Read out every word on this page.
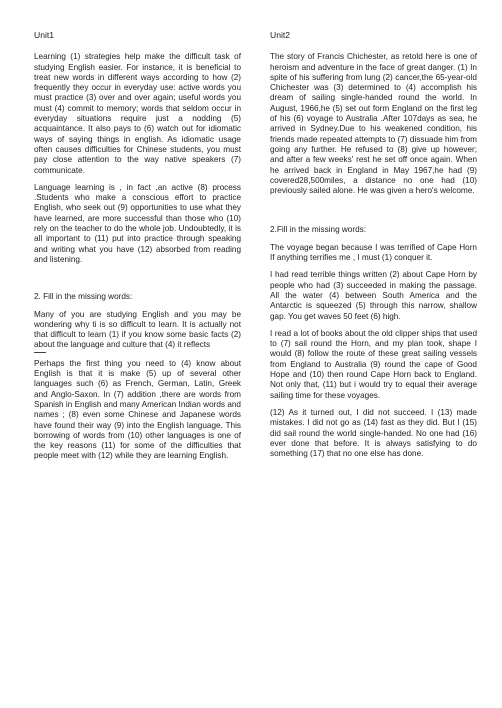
Unit1

Learning (1) strategies help make the difficult task of studying English easier. For instance, it is beneficial to treat new words in different ways according to how (2) frequently they occur in everyday use: active words you must practice (3) over and over again; useful words you must (4) commit to memory; words that seldom occur in everyday situations require just a nodding (5) acquaintance. It also pays to (6) watch out for idiomatic ways of saying things in english. As idiomatic usage often causes difficulties for Chinese students, you must pay close attention to the way native speakers (7) communicate.

Language learning is , in fact ,an active (8) process .Students who make a conscious effort to practice English, who seek out (9) opportunities to use what they have learned, are more successful than those who (10) rely on the teacher to do the whole job. Undoubtedly, it is all important to (11) put into practice through speaking and writing what you have (12) absorbed from reading and listening.

2. Fill in the missing words:

Many of you are studying English and you may be wondering why ti is so difficult to learn. It is actually not that difficult to learn (1) if you know some basic facts (2) about the language and culture that (4) it reflects

Perhaps the first thing you need to (4) know about English is that it is make (5) up of several other languages such (6) as French, German, Latin, Greek and Anglo-Saxon. In (7) addition ,there are words from Spanish in English and many American Indian words and names ; (8) even some Chinese and Japanese words have found their way (9) into the English language. This borrowing of words from (10) other languages is one of the key reasons (11) for some of the difficulties that people meet with (12) while they are learning English.

Unit2

The story of Francis Chichester, as retold here is one of heroism and adventure in the face of great danger. (1) In spite of his suffering from lung (2) cancer,the 65-year-old Chichester was (3) determined to (4) accomplish his dream of sailing single-handed round the world. In August, 1966,he (5) set out form England on the first leg of his (6) voyage to Australia .After 107days as sea, he arrived in Sydney.Due to his weakened condition, his friends made repeated attempts to (7) dissuade him from going any further. He refused to (8) give up however; and after a few weeks' rest he set off once again. When he arrived back in England in May 1967,he had (9) covered28,500miles, a distance no one had (10) previously sailed alone. He was given a hero's welcome.

2.Fill in the missing words:

The voyage began because I was terrified of Cape Horn If anything terrifies me , I must (1) conquer it.

I had read terrible things written (2) about Cape Horn by people who had (3) succeeded in making the passage. All the water (4) between South America and the Antarctic is squeezed (5) through this narrow, shallow gap. You get waves 50 feet (6) high.

I read a lot of books about the old clipper ships that used to (7) sail round the Horn, and my plan took, shape I would (8) follow the route of these great sailing vessels from England to Australia (9) round the cape of Good Hope and (10) then round Cape Horn back to England. Not only that, (11) but i would try to equal their average sailing time for these voyages.

(12) As it turned out, I did not succeed. I (13) made mistakes. I did not go as (14) fast as they did. But I (15) did sail round the world single-handed. No one had (16) ever done that before. It is always satisfying to do something (17) that no one else has done.
